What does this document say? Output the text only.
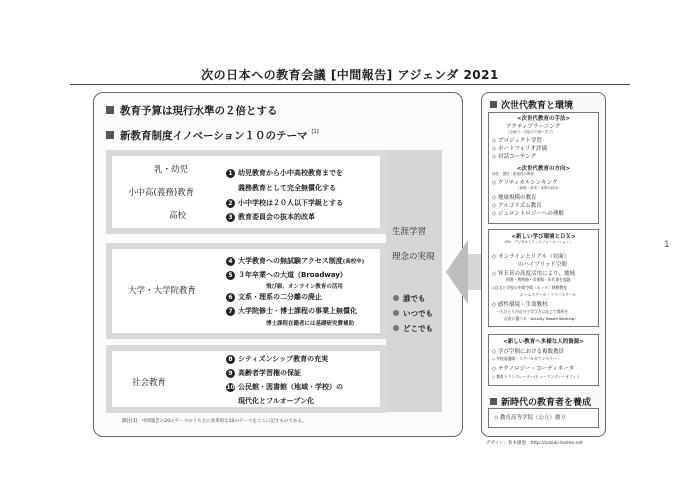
次の日本への教育会議 [中間報告] アジェンダ 2021
1
教育予算は現行水準の２倍とする
新教育制度イノベーション１０のテーマ [1]
乳・幼児
小中高(義務)教育
高校
1 幼児教育から小中高校教育までを
義務教育として完全無償化する
2 小中学校は２０人以下学級とする
3 教育委員会の抜本的改革
大学・大学院教育
4 大学教育への無試験アクセス制度(高校卒)
5 ３年卒業への大道（Broadway）
飛び級、オンライン教育の活用
6 文系・理系の二分離の廃止
7 大学院修士・博士課程の事業上無償化
博士課程在籍者には基礎研究費補助
社会教育
8 シティズンシップ教育の充実
9 高齢者学習権の保証
10 公民館・図書館（地域・学校）の
現代化とフルオープン化
生涯学習
理念の実現
誰でも
いつでも
どこでも
脚注[1]：中間報告の20のテーマのうち主に改革的な10のテーマをここに記すものである。
次世代教育と環境
<次世代教育の手法>
アクティブラーニング
（企画力・対話力で深い学び）
◇ プロジェクト学習
◇ ポートフォリオ評価
◇ 対話コーチング
<次世代教育の方向>
知性・感性・創造性の教育
◇ クリティカルシンキング
（真理・真実・本質の探求）
◇ 地球規模の教育
◇ アルゴリズム教育
◇ ジェロントロジーへの理解
<新しい学び環境とＤＸ>
（DX：デジタルトランスフォーメーション）
◇ オンラインとリアル（対面）
のハイブリッド空間
◇ ＷＥＢの高度活用により、地域
図書・博物館・美術館・年代事を超越
◇自宅と学校の中間空間〈ポッド〉移動教室
ホームスクール・フリースクール
◇ 感性環境・生命教材
一人ひとりが自分で学び方に応じて場所を
自由に選べる〈Activity Based Working〉
<新しい教育へ多様な人的資源>
◇ 学び空間における複数教員
◇ 学校看護師・スクールカウンセラー
◇ テクノロジー・コーディネータ
◇ 教育トランスレーター/ヒューマンディーオフィイ
新時代の教育者を養成
◇ 教育高等学院（公立）創立
デザイン：鈴木敏恵　http://suzuki-toshie.net
